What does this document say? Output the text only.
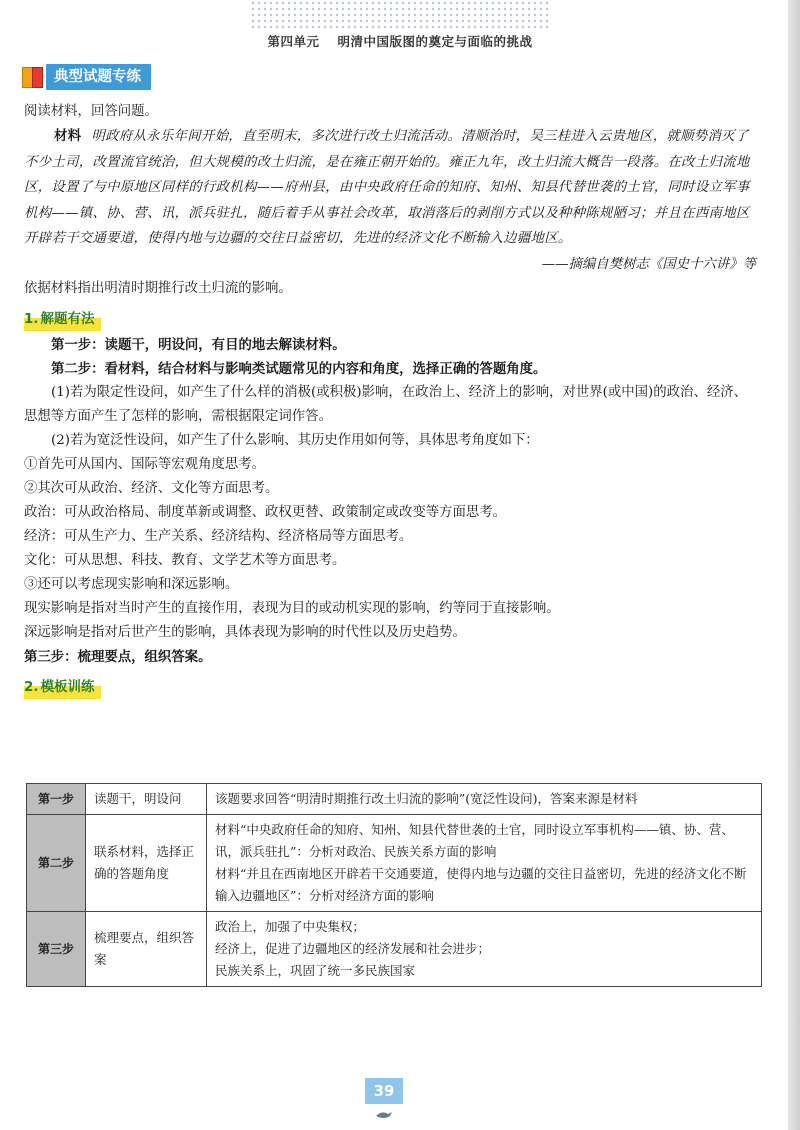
第四单元 明清中国版图的奠定与面临的挑战
典型试题专练

阅读材料，回答问题。

材料 明政府从永乐年间开始，直至明末，多次进行改土归流活动。清顺治时，吴三桂进入云贵地区，就顺势消灭了不少土司，改置流官统治，但大规模的改土归流，是在雍正朝开始的。雍正九年，改土归流大概告一段落。在改土归流地区，设置了与中原地区同样的行政机构——府州县，由中央政府任命的知府、知州、知县代替世袭的土官，同时设立军事机构——镇、协、营、讯，派兵驻扎，随后着手从事社会改革，取消落后的剥削方式以及种种陈规陋习；并且在西南地区开辟若干交通要道，使得内地与边疆的交往日益密切，先进的经济文化不断输入边疆地区。

——摘编自樊树志《国史十六讲》等

依据材料指出明清时期推行改土归流的影响。

1. 解题有法

第一步：读题干，明设问，有目的地去解读材料。

第二步：看材料，结合材料与影响类试题常见的内容和角度，选择正确的答题角度。

(1)若为限定性设问，如产生了什么样的消极(或积极)影响，在政治上、经济上的影响，对世界(或中国)的政治、经济、思想等方面产生了怎样的影响，需根据限定词作答。

(2)若为宽泛性设问，如产生了什么影响、其历史作用如何等，具体思考角度如下：

①首先可从国内、国际等宏观角度思考。

②其次可从政治、经济、文化等方面思考。

政治：可从政治格局、制度革新或调整、政权更替、政策制定或改变等方面思考。

经济：可从生产力、生产关系、经济结构、经济格局等方面思考。

文化：可从思想、科技、教育、文学艺术等方面思考。

③还可以考虑现实影响和深远影响。

现实影响是指对当时产生的直接作用，表现为目的或动机实现的影响，约等同于直接影响。

深远影响是指对后世产生的影响，具体表现为影响的时代性以及历史趋势。

第三步：梳理要点，组织答案。

2. 模板训练
第一步	读题干，明设问	该题要求回答“明清时期推行改土归流的影响”(宽泛性设问)，答案来源是材料

第二步	联系材料，选择正确的答题角度	材料“中央政府任命的知府、知州、知县代替世袭的土官，同时设立军事机构——镇、协、营、讯，派兵驻扎”：分析对政治、民族关系方面的影响
材料“并且在西南地区开辟若干交通要道，使得内地与边疆的交往日益密切，先进的经济文化不断输入边疆地区”：分析对经济方面的影响

第三步	梳理要点，组织答案	政治上，加强了中央集权；
经济上，促进了边疆地区的经济发展和社会进步；
民族关系上，巩固了统一多民族国家
39
